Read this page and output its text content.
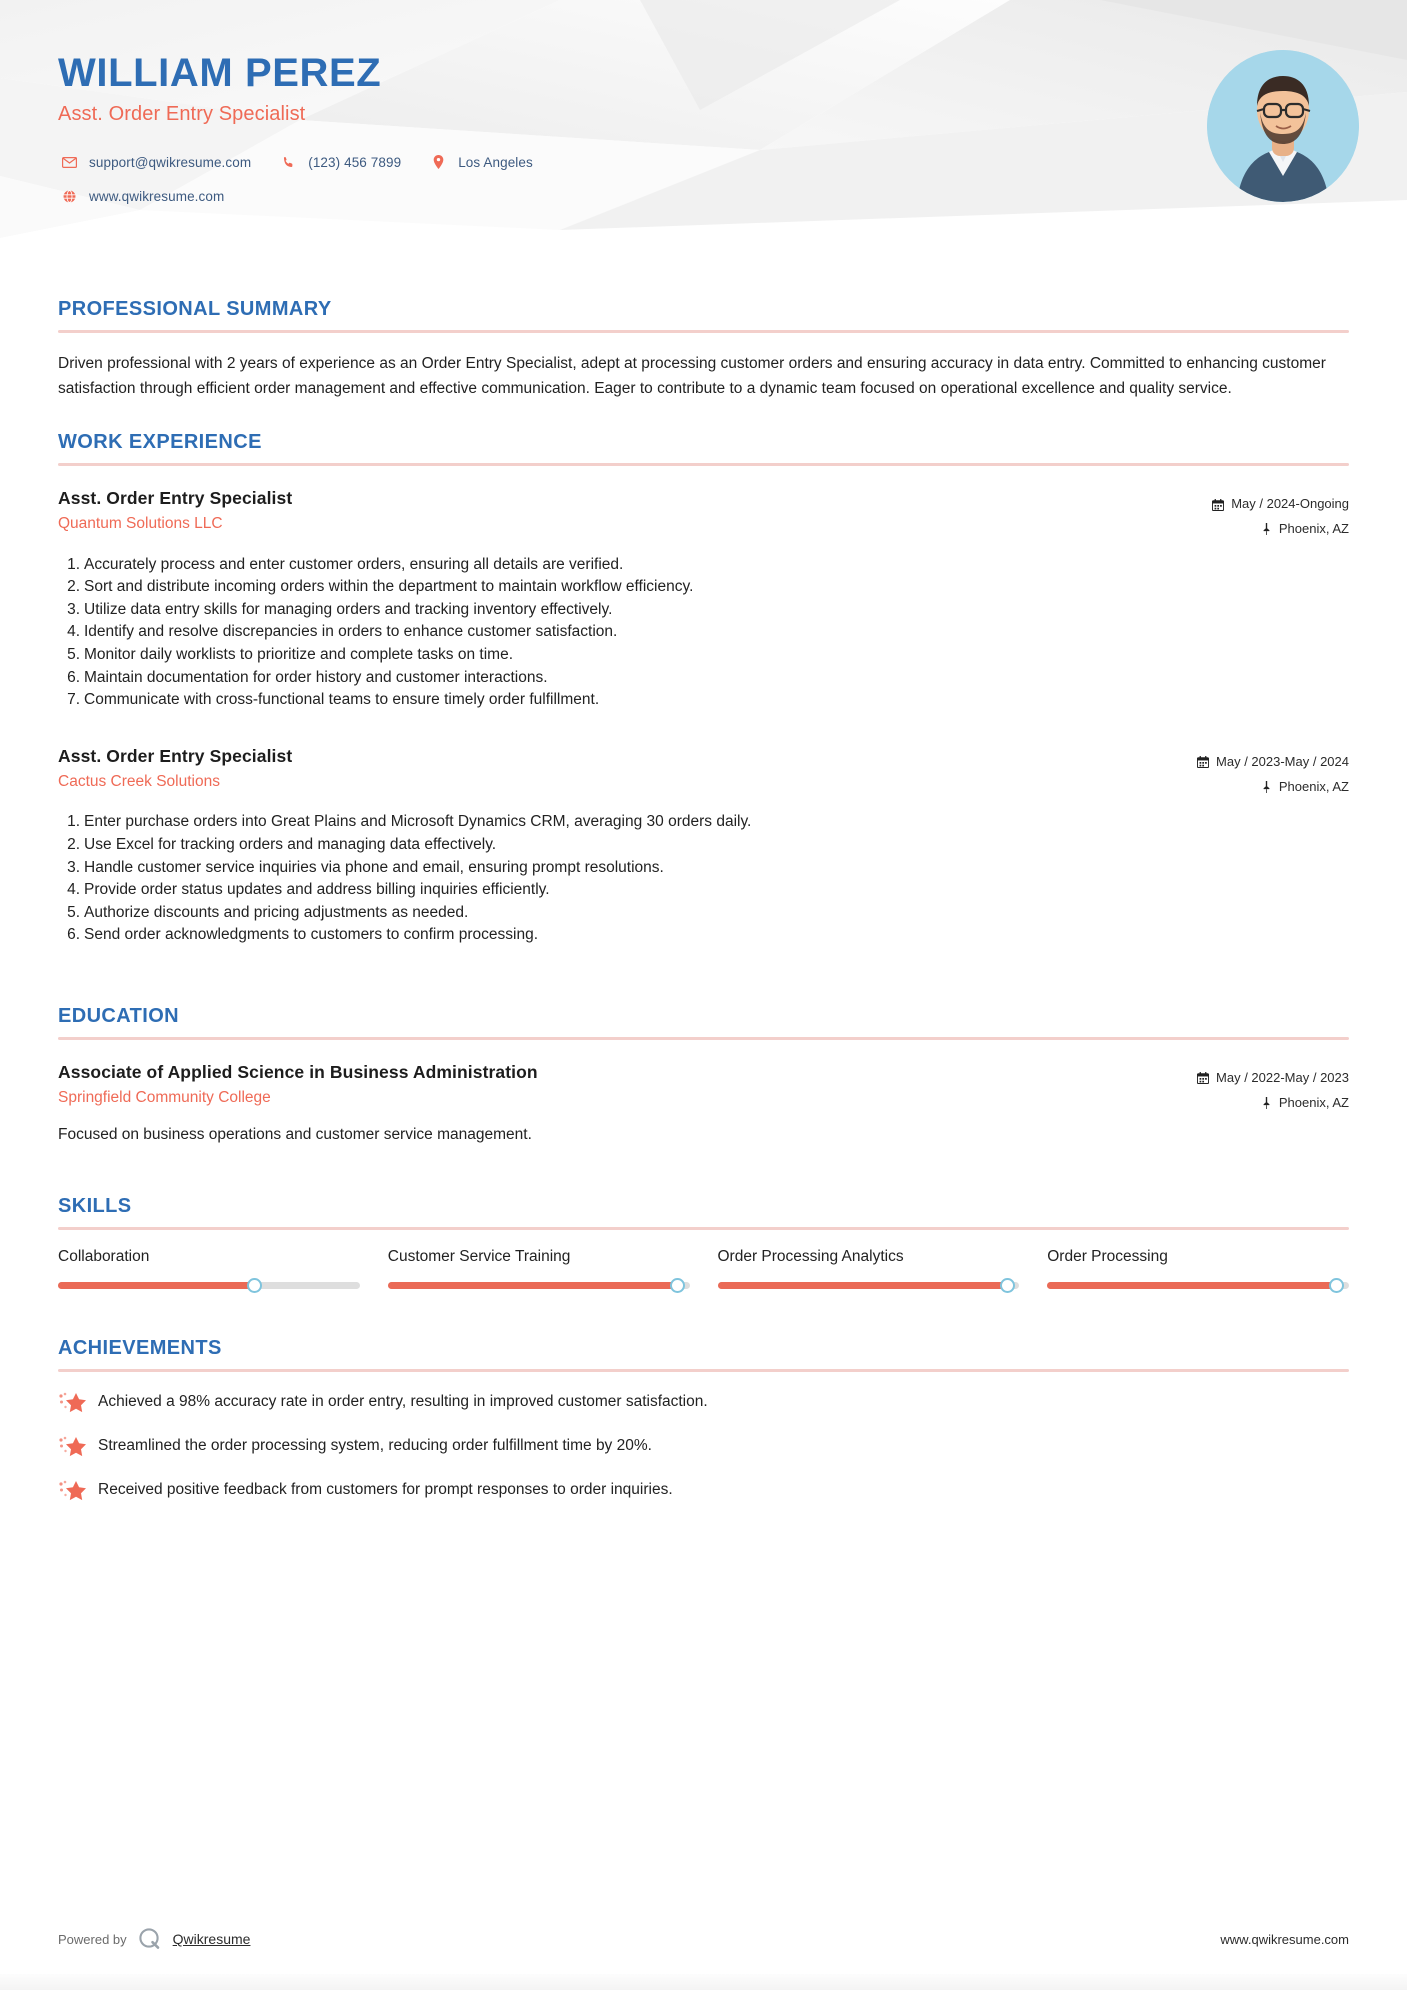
WILLIAM PEREZ
Asst. Order Entry Specialist
support@qwikresume.com	(123) 456 7899	Los Angeles
www.qwikresume.com
PROFESSIONAL SUMMARY

Driven professional with 2 years of experience as an Order Entry Specialist, adept at processing customer orders and ensuring accuracy in data entry. Committed to enhancing customer satisfaction through efficient order management and effective communication. Eager to contribute to a dynamic team focused on operational excellence and quality service.

WORK EXPERIENCE
Asst. Order Entry Specialist
Quantum Solutions LLC
May / 2024-Ongoing
Phoenix, AZ
Accurately process and enter customer orders, ensuring all details are verified.
Sort and distribute incoming orders within the department to maintain workflow efficiency.
Utilize data entry skills for managing orders and tracking inventory effectively.
Identify and resolve discrepancies in orders to enhance customer satisfaction.
Monitor daily worklists to prioritize and complete tasks on time.
Maintain documentation for order history and customer interactions.
Communicate with cross-functional teams to ensure timely order fulfillment.
Asst. Order Entry Specialist
Cactus Creek Solutions
May / 2023-May / 2024
Phoenix, AZ
Enter purchase orders into Great Plains and Microsoft Dynamics CRM, averaging 30 orders daily.
Use Excel for tracking orders and managing data effectively.
Handle customer service inquiries via phone and email, ensuring prompt resolutions.
Provide order status updates and address billing inquiries efficiently.
Authorize discounts and pricing adjustments as needed.
Send order acknowledgments to customers to confirm processing.
EDUCATION
Associate of Applied Science in Business Administration
Springfield Community College
May / 2022-May / 2023
Phoenix, AZ
Focused on business operations and customer service management.
SKILLS
Collaboration	Customer Service Training	Order Processing Analytics	Order Processing
ACHIEVEMENTS
Achieved a 98% accuracy rate in order entry, resulting in improved customer satisfaction.
Streamlined the order processing system, reducing order fulfillment time by 20%.
Received positive feedback from customers for prompt responses to order inquiries.
Powered by	Qwikresume	www.qwikresume.com
